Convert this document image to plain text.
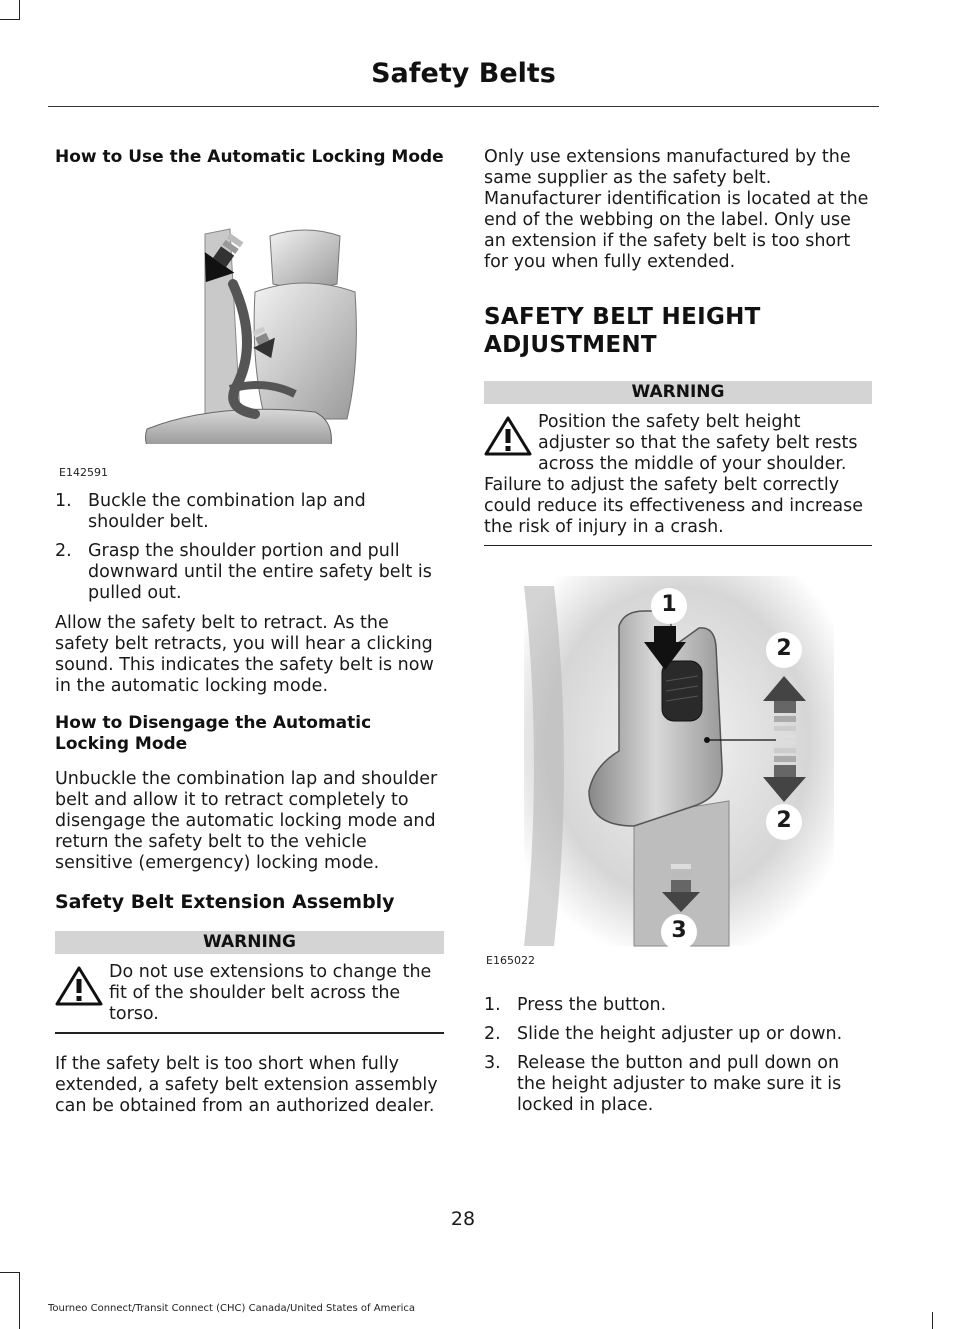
Safety Belts

How to Use the Automatic Locking Mode

E142591
1. Buckle the combination lap and shoulder belt.
2. Grasp the shoulder portion and pull downward until the entire safety belt is pulled out.

Allow the safety belt to retract. As the safety belt retracts, you will hear a clicking sound. This indicates the safety belt is now in the automatic locking mode.

How to Disengage the Automatic Locking Mode

Unbuckle the combination lap and shoulder belt and allow it to retract completely to disengage the automatic locking mode and return the safety belt to the vehicle sensitive (emergency) locking mode.

Safety Belt Extension Assembly

WARNING
Do not use extensions to change the fit of the shoulder belt across the torso.

If the safety belt is too short when fully extended, a safety belt extension assembly can be obtained from an authorized dealer.

Only use extensions manufactured by the same supplier as the safety belt. Manufacturer identification is located at the end of the webbing on the label. Only use an extension if the safety belt is too short for you when fully extended.

SAFETY BELT HEIGHT ADJUSTMENT

WARNING
Position the safety belt height adjuster so that the safety belt rests across the middle of your shoulder. Failure to adjust the safety belt correctly could reduce its effectiveness and increase the risk of injury in a crash.
1
2
2
3
E165022
1. Press the button.
2. Slide the height adjuster up or down.
3. Release the button and pull down on the height adjuster to make sure it is locked in place.
28
Tourneo Connect/Transit Connect (CHC) Canada/United States of America
